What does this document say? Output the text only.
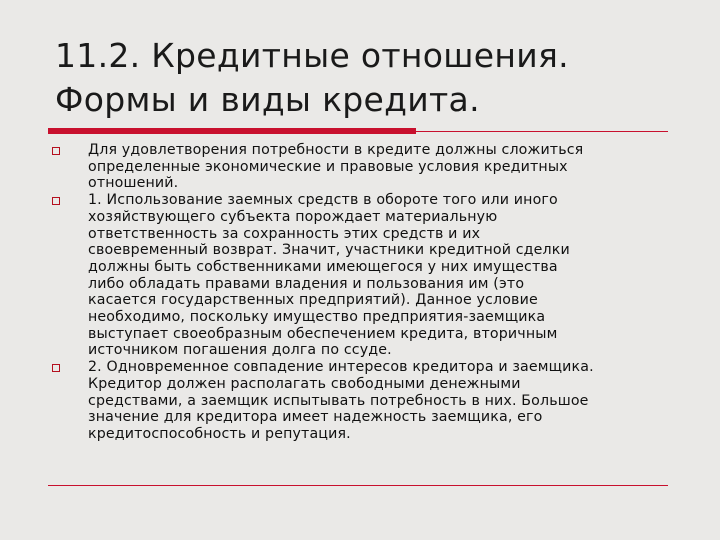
11.2. Кредитные отношения.
Формы и виды кредита.
Для удовлетворения потребности в кредите должны сложиться
определенные экономические и правовые условия кредитных
отношений.
1. Использование заемных средств в обороте того или иного
хозяйствующего субъекта порождает материальную
ответственность за сохранность этих средств и их
своевременный возврат. Значит, участники кредитной сделки
должны быть собственниками имеющегося у них имущества
либо обладать правами владения и пользования им (это
касается государственных предприятий). Данное условие
необходимо, поскольку имущество предприятия-заемщика
выступает своеобразным обеспечением кредита, вторичным
источником погашения долга по ссуде.
2. Одновременное совпадение интересов кредитора и заемщика.
Кредитор должен располагать свободными денежными
средствами, а заемщик испытывать потребность в них. Большое
значение для кредитора имеет надежность заемщика, его
кредитоспособность и репутация.
